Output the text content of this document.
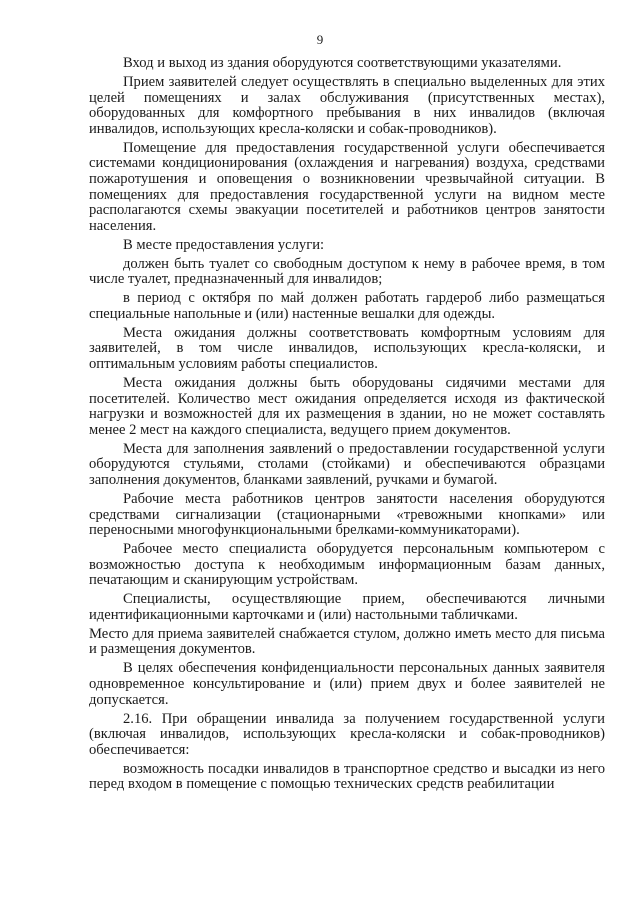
9

Вход и выход из здания оборудуются соответствующими указателями.

Прием заявителей следует осуществлять в специально выделенных для этих целей помещениях и залах обслуживания (присутственных местах), оборудованных для комфортного пребывания в них инвалидов (включая инвалидов, использующих кресла-коляски и собак-проводников).

Помещение для предоставления государственной услуги обеспечивается системами кондиционирования (охлаждения и нагревания) воздуха, средствами пожаротушения и оповещения о возникновении чрезвычайной ситуации. В помещениях для предоставления государственной услуги на видном месте располагаются схемы эвакуации посетителей и работников центров занятости населения.

В месте предоставления услуги:

должен быть туалет со свободным доступом к нему в рабочее время, в том числе туалет, предназначенный для инвалидов;

в период с октября по май должен работать гардероб либо размещаться специальные напольные и (или) настенные вешалки для одежды.

Места ожидания должны соответствовать комфортным условиям для заявителей, в том числе инвалидов, использующих кресла-коляски, и оптимальным условиям работы специалистов.

Места ожидания должны быть оборудованы сидячими местами для посетителей. Количество мест ожидания определяется исходя из фактической нагрузки и возможностей для их размещения в здании, но не может составлять менее 2 мест на каждого специалиста, ведущего прием документов.

Места для заполнения заявлений о предоставлении государственной услуги оборудуются стульями, столами (стойками) и обеспечиваются образцами заполнения документов, бланками заявлений, ручками и бумагой.

Рабочие места работников центров занятости населения оборудуются средствами сигнализации (стационарными «тревожными кнопками» или переносными многофункциональными брелками-коммуникаторами).

Рабочее место специалиста оборудуется персональным компьютером с возможностью доступа к необходимым информационным базам данных, печатающим и сканирующим устройствам.

Специалисты, осуществляющие прием, обеспечиваются личными идентификационными карточками и (или) настольными табличками.

Место для приема заявителей снабжается стулом, должно иметь место для письма и размещения документов.

В целях обеспечения конфиденциальности персональных данных заявителя одновременное консультирование и (или) прием двух и более заявителей не допускается.

2.16. При обращении инвалида за получением государственной услуги (включая инвалидов, использующих кресла-коляски и собак-проводников) обеспечивается:

возможность посадки инвалидов в транспортное средство и высадки из него перед входом в помещение с помощью технических средств реабилитации
